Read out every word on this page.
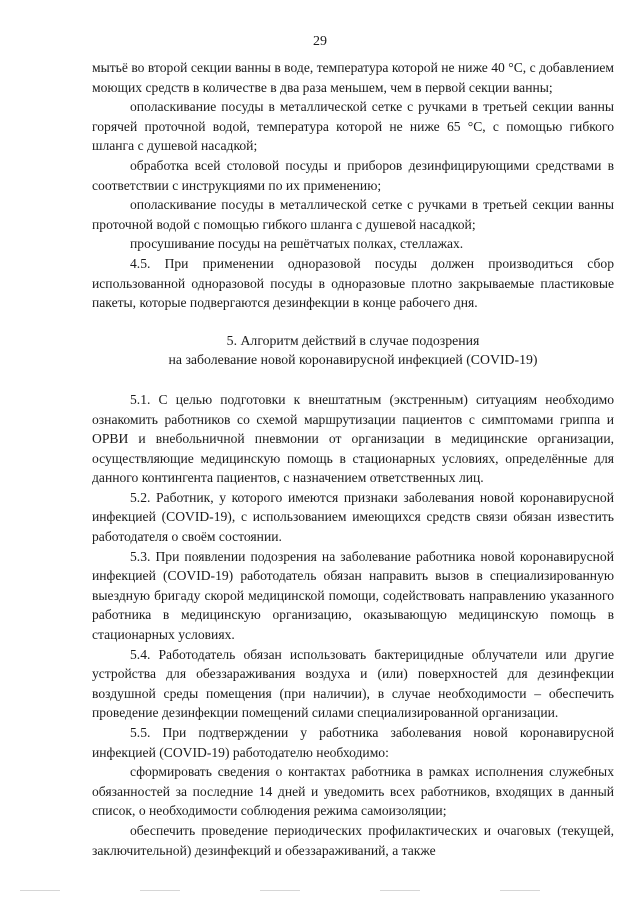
29

мытьё во второй секции ванны в воде, температура которой не ниже 40 °С, с добавлением моющих средств в количестве в два раза меньшем, чем в первой секции ванны;

ополаскивание посуды в металлической сетке с ручками в третьей секции ванны горячей проточной водой, температура которой не ниже 65 °С, с помощью гибкого шланга с душевой насадкой;

обработка всей столовой посуды и приборов дезинфицирующими средствами в соответствии с инструкциями по их применению;

ополаскивание посуды в металлической сетке с ручками в третьей секции ванны проточной водой с помощью гибкого шланга с душевой насадкой;

просушивание посуды на решётчатых полках, стеллажах.

4.5. При применении одноразовой посуды должен производиться сбор использованной одноразовой посуды в одноразовые плотно закрываемые пластиковые пакеты, которые подвергаются дезинфекции в конце рабочего дня.

5. Алгоритм действий в случае подозрения
на заболевание новой коронавирусной инфекцией (COVID-19)

5.1. С целью подготовки к внештатным (экстренным) ситуациям необходимо ознакомить работников со схемой маршрутизации пациентов с симптомами гриппа и ОРВИ и внебольничной пневмонии от организации в медицинские организации, осуществляющие медицинскую помощь в стационарных условиях, определённые для данного контингента пациентов, с назначением ответственных лиц.

5.2. Работник, у которого имеются признаки заболевания новой коронавирусной инфекцией (COVID-19), с использованием имеющихся средств связи обязан известить работодателя о своём состоянии.

5.3. При появлении подозрения на заболевание работника новой коронавирусной инфекцией (COVID-19) работодатель обязан направить вызов в специализированную выездную бригаду скорой медицинской помощи, содействовать направлению указанного работника в медицинскую организацию, оказывающую медицинскую помощь в стационарных условиях.

5.4. Работодатель обязан использовать бактерицидные облучатели или другие устройства для обеззараживания воздуха и (или) поверхностей для дезинфекции воздушной среды помещения (при наличии), в случае необходимости – обеспечить проведение дезинфекции помещений силами специализированной организации.

5.5. При подтверждении у работника заболевания новой коронавирусной инфекцией (COVID-19) работодателю необходимо:

сформировать сведения о контактах работника в рамках исполнения служебных обязанностей за последние 14 дней и уведомить всех работников, входящих в данный список, о необходимости соблюдения режима самоизоляции;

обеспечить проведение периодических профилактических и очаговых (текущей, заключительной) дезинфекций и обеззараживаний, а также
